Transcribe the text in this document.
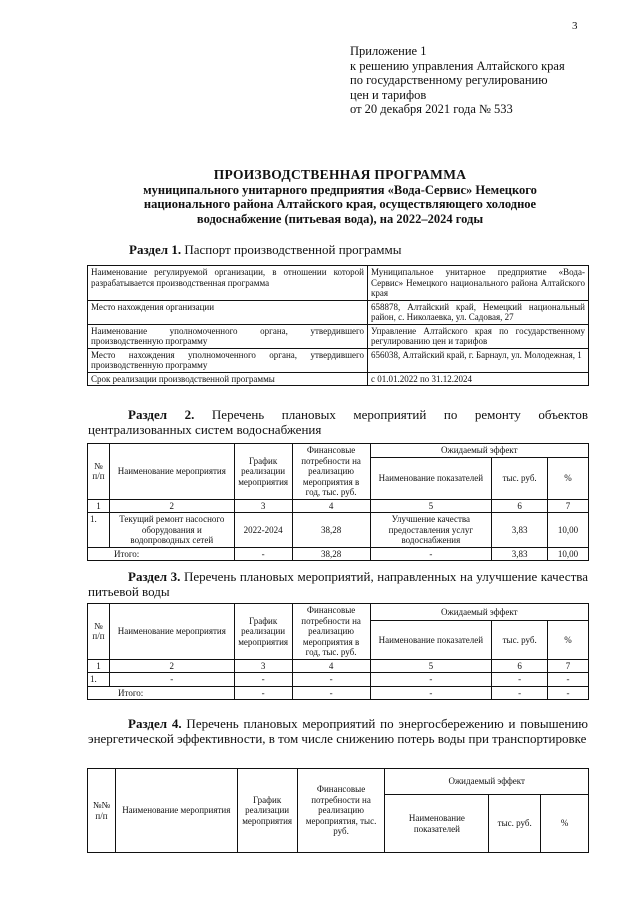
3
Приложение 1
к решению управления Алтайского края
по государственному регулированию
цен и тарифов
от 20 декабря 2021 года № 533
ПРОИЗВОДСТВЕННАЯ ПРОГРАММА
муниципального унитарного предприятия «Вода-Сервис» Немецкого
национального района Алтайского края, осуществляющего холодное
водоснабжение (питьевая вода), на 2022–2024 годы
Раздел 1. Паспорт производственной программы
Наименование регулируемой организации, в отношении которой разрабатывается производственная программа	Муниципальное унитарное предприятие «Вода-Сервис» Немецкого национального района Алтайского края
Место нахождения организации	658878, Алтайский край, Немецкий национальный район, с. Николаевка, ул. Садовая, 27
Наименование уполномоченного органа, утвердившего производственную программу	Управление Алтайского края по государственному регулированию цен и тарифов
Место нахождения уполномоченного органа, утвердившего производственную программу	656038, Алтайский край, г. Барнаул, ул. Молодежная, 1
Срок реализации производственной программы	с 01.01.2022 по 31.12.2024
Раздел 2. Перечень плановых мероприятий по ремонту объектов централизованных систем водоснабжения
№ п/п	Наименование мероприятия	График реализации мероприятия	Финансовые потребности на реализацию мероприятия в год, тыс. руб.	Ожидаемый эффект		
				Наименование показателей	тыс. руб.	%
1	2	3	4	5	6	7
1.	Текущий ремонт насосного оборудования и водопроводных сетей	2022-2024	38,28	Улучшение качества предоставления услуг водоснабжения	3,83	10,00
Итого:		-	38,28	-	3,83	10,00
Раздел 3. Перечень плановых мероприятий, направленных на улучшение качества питьевой воды
№ п/п	Наименование мероприятия	График реализации мероприятия	Финансовые потребности на реализацию мероприятия в год, тыс. руб.	Ожидаемый эффект		
				Наименование показателей	тыс. руб.	%
1	2	3	4	5	6	7
1.	-	-	-	-	-	-
Итого:		-	-	-	-	-
Раздел 4. Перечень плановых мероприятий по энергосбережению и повышению энергетической эффективности, в том числе снижению потерь воды при транспортировке
№№ п/п	Наименование мероприятия	График реализации мероприятия	Финансовые потребности на реализацию мероприятия, тыс. руб.	Ожидаемый эффект		
				Наименование показателей	тыс. руб.	%
